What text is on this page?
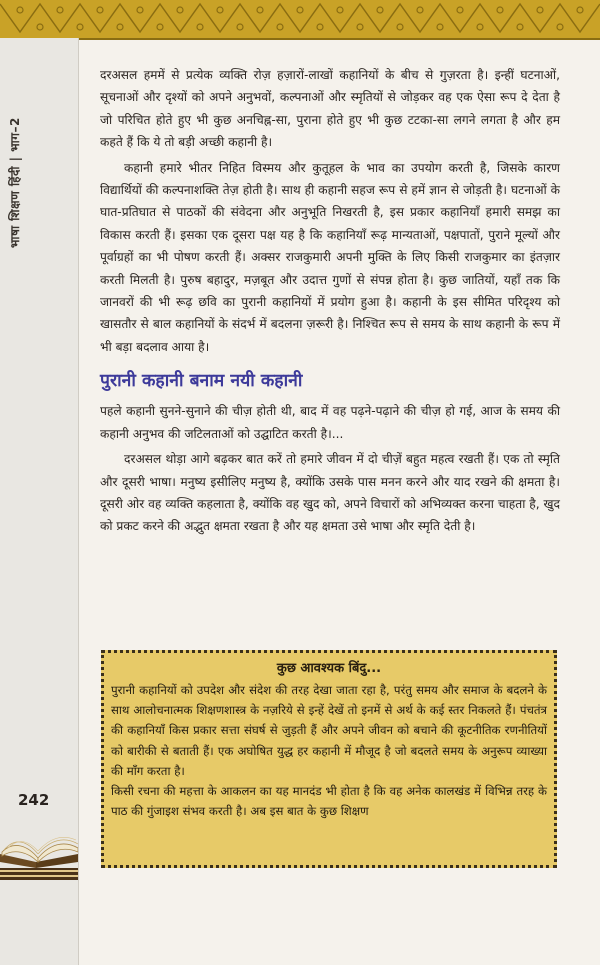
भाषा शिक्षण हिंदी | भाग–2
242

दरअसल हममें से प्रत्येक व्यक्ति रोज़ हज़ारों-लाखों कहानियों के बीच से गुज़रता है। इन्हीं घटनाओं, सूचनाओं और दृश्यों को अपने अनुभवों, कल्पनाओं और स्मृतियों से जोड़कर वह एक ऐसा रूप दे देता है जो परिचित होते हुए भी कुछ अनचिह्न-सा, पुराना होते हुए भी कुछ टटका-सा लगने लगता है और हम कहते हैं कि ये तो बड़ी अच्छी कहानी है।

कहानी हमारे भीतर निहित विस्मय और कुतूहल के भाव का उपयोग करती है, जिसके कारण विद्यार्थियों की कल्पनाशक्ति तेज़ होती है। साथ ही कहानी सहज रूप से हमें ज्ञान से जोड़ती है। घटनाओं के घात-प्रतिघात से पाठकों की संवेदना और अनुभूति निखरती है, इस प्रकार कहानियाँ हमारी समझ का विकास करती हैं। इसका एक दूसरा पक्ष यह है कि कहानियाँ रूढ़ मान्यताओं, पक्षपातों, पुराने मूल्यों और पूर्वाग्रहों का भी पोषण करती हैं। अक्सर राजकुमारी अपनी मुक्ति के लिए किसी राजकुमार का इंतज़ार करती मिलती है। पुरुष बहादुर, मज़बूत और उदात्त गुणों से संपन्न होता है। कुछ जातियों, यहाँ तक कि जानवरों की भी रूढ़ छवि का पुरानी कहानियों में प्रयोग हुआ है। कहानी के इस सीमित परिदृश्य को खासतौर से बाल कहानियों के संदर्भ में बदलना ज़रूरी है। निश्चित रूप से समय के साथ कहानी के रूप में भी बड़ा बदलाव आया है।

पुरानी कहानी बनाम नयी कहानी

पहले कहानी सुनने-सुनाने की चीज़ होती थी, बाद में वह पढ़ने-पढ़ाने की चीज़ हो गई, आज के समय की कहानी अनुभव की जटिलताओं को उद्घाटित करती है।...

दरअसल थोड़ा आगे बढ़कर बात करें तो हमारे जीवन में दो चीज़ें बहुत महत्व रखती हैं। एक तो स्मृति और दूसरी भाषा। मनुष्य इसीलिए मनुष्य है, क्योंकि उसके पास मनन करने और याद रखने की क्षमता है। दूसरी ओर वह व्यक्ति कहलाता है, क्योंकि वह खुद को, अपने विचारों को अभिव्यक्त करना चाहता है, खुद को प्रकट करने की अद्भुत क्षमता रखता है और यह क्षमता उसे भाषा और स्मृति देती है।

कुछ आवश्यक बिंदु...

पुरानी कहानियों को उपदेश और संदेश की तरह देखा जाता रहा है, परंतु समय और समाज के बदलने के साथ आलोचनात्मक शिक्षणशास्त्र के नज़रिये से इन्हें देखें तो इनमें से अर्थ के कई स्तर निकलते हैं। पंचतंत्र की कहानियाँ किस प्रकार सत्ता संघर्ष से जुड़ती हैं और अपने जीवन को बचाने की कूटनीतिक रणनीतियों को बारीकी से बताती हैं। एक अघोषित युद्ध हर कहानी में मौजूद है जो बदलते समय के अनुरूप व्याख्या की माँग करता है।

किसी रचना की महत्ता के आकलन का यह मानदंड भी होता है कि वह अनेक कालखंड में विभिन्न तरह के पाठ की गुंजाइश संभव करती है। अब इस बात के कुछ शिक्षण
